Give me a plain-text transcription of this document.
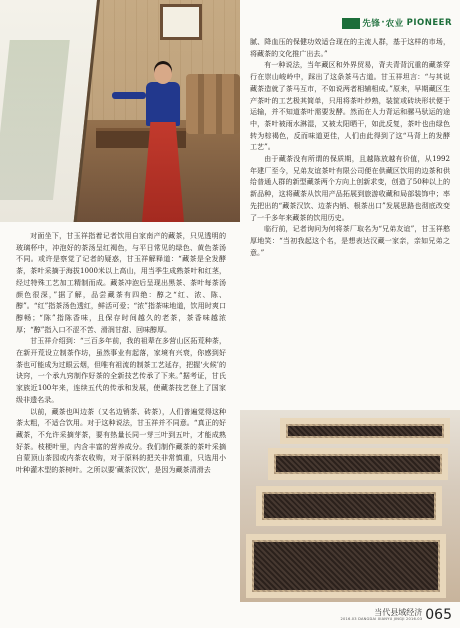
先锋 · 农业 PIONEER

腻、降血压的保健功效适合现在的主流人群，基于这样的市场，将藏茶的文化推广出去。”

有一种说法，当年藏区和外界贸易，背夫青背沉重的藏茶穿行在崇山峻岭中，踩出了这条茶马古道。甘玉祥坦言：“与其说藏茶造就了茶马互市，不如说两者相辅相成。”原来，早期藏区生产茶叶的工艺极其简单，只用将茶叶炒熟，装筐或砖块形状便于运输，并不知道茶叶需要发酵。然而在人力背运和骡马驮运的途中，茶叶被雨水淋湿，又被太阳晒干，如此反复，茶叶也由绿色转为棕褐色，反而味道更佳，人们由此得到了这“马背上的发酵工艺”。

由于藏茶没有所谓的保质期，且越陈放越有价值，从1992年建厂至今，兄弟友谊茶叶有限公司便在供藏区饮用的边茶和供给普通人群的新型藏茶两个方向上创新求变，创造了50种以上的新品种，这将藏茶从饮用产品拓展到旅游收藏和局部装饰中；率先把出的“藏茶汉饮、边茶内销、根茶出口”发展思路也彻底改变了一千多年来藏茶的饮用历史。

临行前，记者询问为何将茶厂取名为“兄弟友谊”，甘玉祥憨厚地笑：“当初我起这个名，是想表达汉藏一家亲，亲如兄弟之意。”

对面坐下，甘玉祥指着记者饮用自家南产的藏茶，只见透明的玻璃杯中，冲泡好的茶汤呈红褐色，与平日常见的绿色、黄色茶汤不同。或许是察觉了记者的疑惑，甘玉祥解释道：“藏茶是全发酵茶，茶叶采摘于海拔1000米以上高山，用当季生成熟茶叶和红茎，经过特殊工艺加工精制而成。藏茶冲泡后呈现出黑茶、茶叶每茶汤颜色很深，”据了解，品尝藏茶有四绝：醇之“红、浓、陈、醇”。“红”指茶汤色透红，鲜活可爱；“浓”指茶味地道，饮用时爽口醇畅；“陈”指陈香味，且保存时间越久的老茶，茶香味越浓厚；“醇”指入口不涩不苦、滑润甘甜、回味醇厚。

甘玉祥介绍到：“三百多年前，我的祖辈在多营山区拓荒种茶，在新开荒设立制茶作坊，虽然事业有起落，家境有兴衰，你感到好茶也可能成为过眼云烟，但唯有祖流的制茶工艺延存，把握‘火候’的诀窍，一个承九窍制作好茶的全新技艺传承了下来。”据考证，甘氏家族近100年来，连续五代的传承和发展，使藏茶技艺登上了国家级非遗名录。

以前，藏茶也叫边茶（又名边销茶、砖茶），人们普遍觉得这种茶太粗，不适合饮用。对于这种说法，甘玉祥并不同意。“真正的好藏茶，不允许采摘芽茶，要有热量长同一芽三叶到五叶，才能成熟好茶。枝梗叶里，内含丰富的营养成分。我们制作藏茶的茶叶采摘自蒙顶山茶园或内茶农收购，对于原料的把关非常慎重，只选用小叶种灌木型的茶树叶。之所以要‘藏茶汉饮’，是因为藏茶清滑去

当代县域经济
2016.03 DANGDAI XIANYU JINGJI 2016.03 065
